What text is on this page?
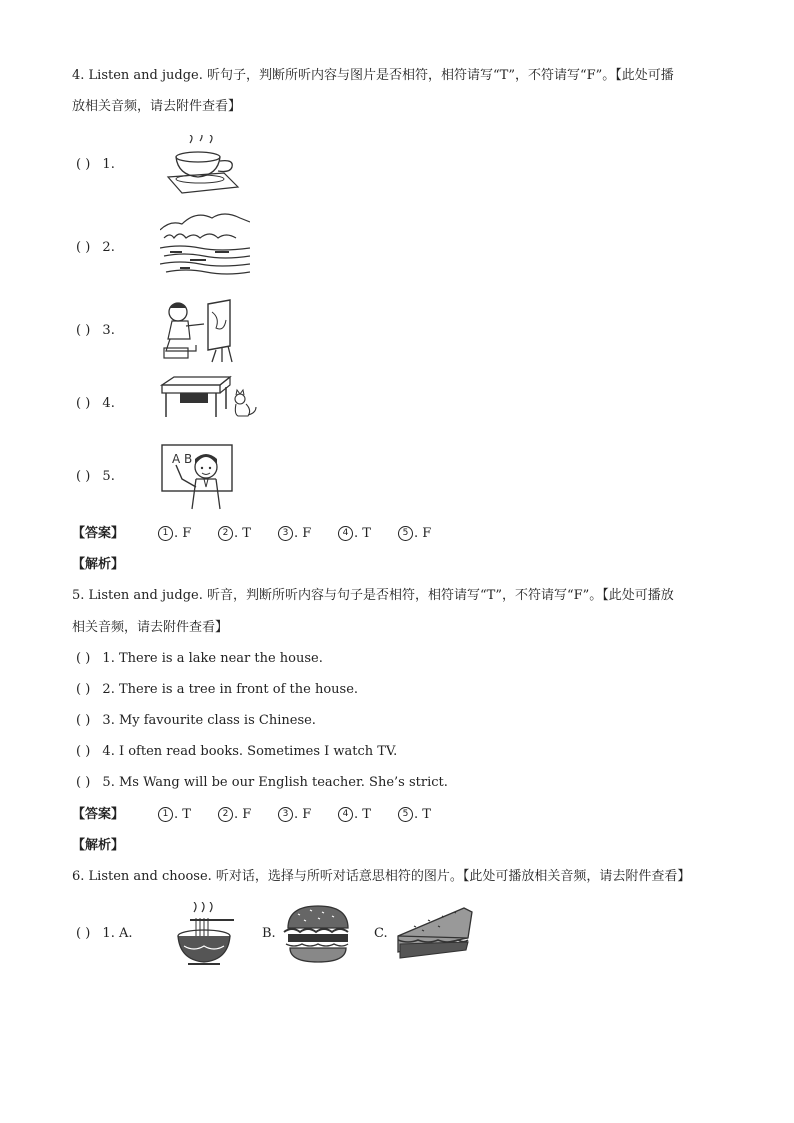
4. Listen and judge. 听句子，判断所听内容与图片是否相符，相符请写“T”，不符请写“F”。【此处可播
放相关音频，请去附件查看】
( ) 1.
( ) 2.
( ) 3.
( ) 4.
( ) 5.
A B
【答案】	1 . F	2 . T	3 . F	4 . T	5 . F
【解析】
5. Listen and judge. 听音，判断所听内容与句子是否相符，相符请写“T”，不符请写“F”。【此处可播放
相关音频，请去附件查看】
( ) 1. There is a lake near the house.
( ) 2. There is a tree in front of the house.
( ) 3. My favourite class is Chinese.
( ) 4. I often read books. Sometimes I watch TV.
( ) 5. Ms Wang will be our English teacher. She’s strict.
【答案】	1 . T	2 . F	3 . F	4 . T	5 . T
【解析】
6. Listen and choose. 听对话，选择与所听对话意思相符的图片。【此处可播放相关音频，请去附件查看】
( ) 1. A.	B.	C.
